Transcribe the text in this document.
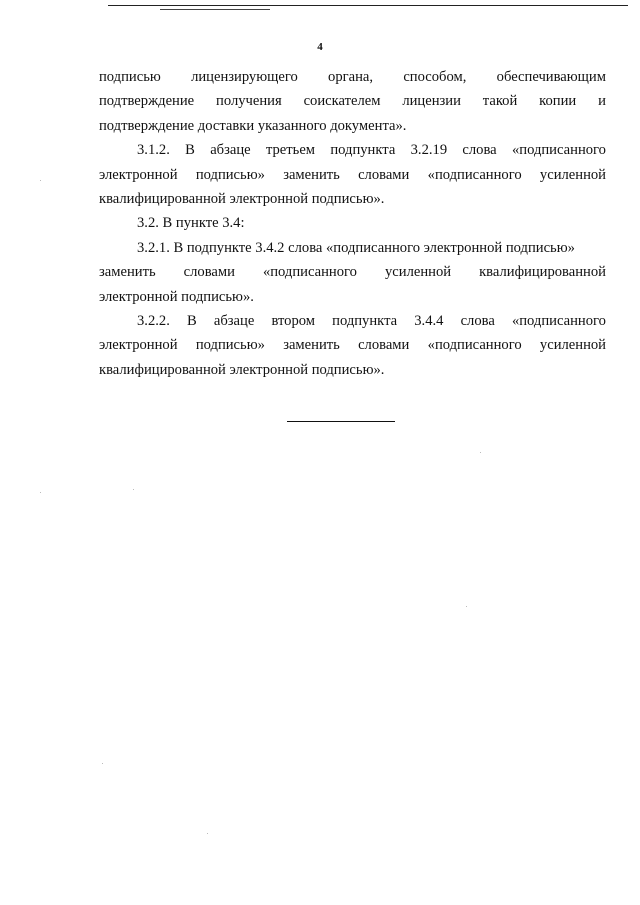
4
подписью лицензирующего органа, способом, обеспечивающим
подтверждение получения соискателем лицензии такой копии и
подтверждение доставки указанного документа».
3.1.2. В абзаце третьем подпункта 3.2.19 слова «подписанного
электронной подписью» заменить словами «подписанного усиленной
квалифицированной электронной подписью».
3.2. В пункте 3.4:
3.2.1. В подпункте 3.4.2 слова «подписанного электронной подписью»
заменить словами «подписанного усиленной квалифицированной
электронной подписью».
3.2.2. В абзаце втором подпункта 3.4.4 слова «подписанного
электронной подписью» заменить словами «подписанного усиленной
квалифицированной электронной подписью».
